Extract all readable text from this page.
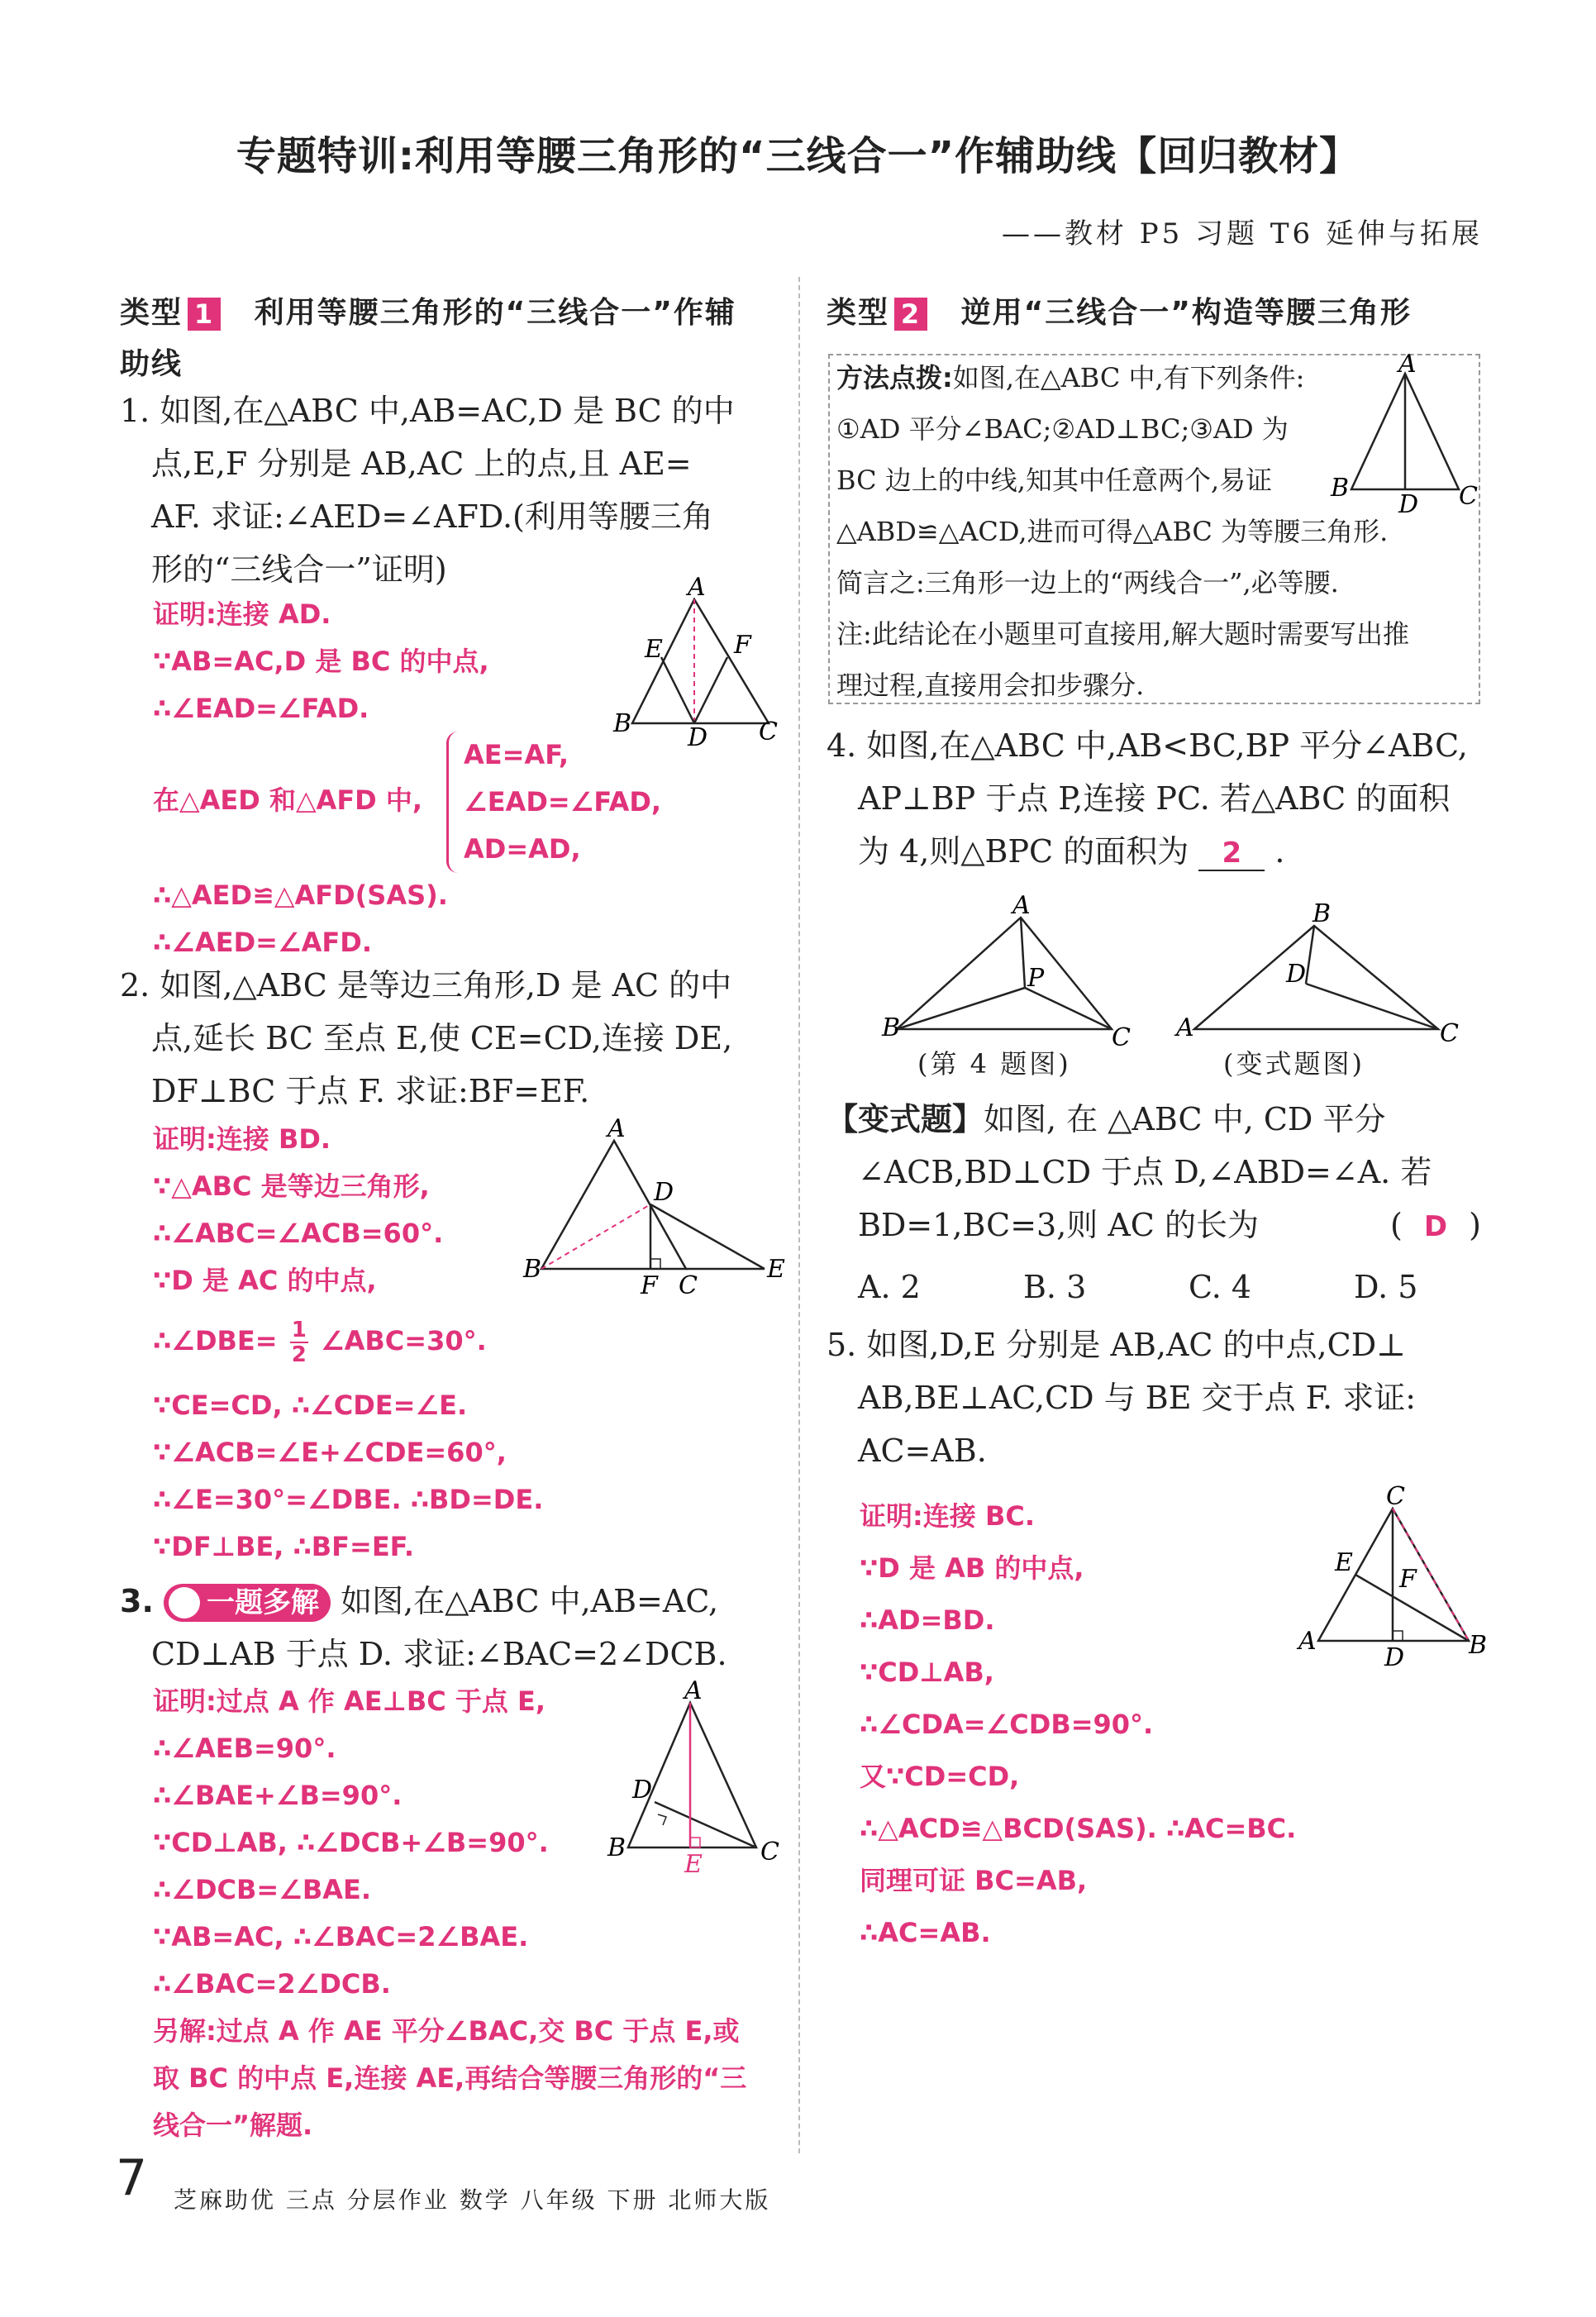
专题特训:利用等腰三角形的“三线合一”作辅助线【回归教材】
——教材 P5 习题 T6 延伸与拓展
类型 1 利用等腰三角形的“三线合一”作辅
助线
1. 如图,在△ABC 中,AB=AC,D 是 BC 的中
点,E,F 分别是 AB,AC 上的点,且 AE=
AF. 求证:∠AED=∠AFD.(利用等腰三角
形的“三线合一”证明)
证明:连接 AD.
∵AB=AC,D 是 BC 的中点,
∴∠EAD=∠FAD.
在△AED 和△AFD 中,
AE=AF,
∠EAD=∠FAD,
AD=AD,
∴△AED≌△AFD(SAS).
∴∠AED=∠AFD.
A
B	C
D
E	F
2. 如图,△ABC 是等边三角形,D 是 AC 的中
点,延长 BC 至点 E,使 CE=CD,连接 DE,
DF⊥BC 于点 F. 求证:BF=EF.
证明:连接 BD.
∵△ABC 是等边三角形,
∴∠ABC=∠ACB=60°.
∵D 是 AC 的中点,
∴∠DBE= $\frac{1}{2}$ ∠ABC=30°.
∵CE=CD, ∴∠CDE=∠E.
∵∠ACB=∠E+∠CDE=60°,
∴∠E=30°=∠DBE. ∴BD=DE.
∵DF⊥BE, ∴BF=EF.
A
B
C
D
E
F
3. 一题多解 如图,在△ABC 中,AB=AC,
CD⊥AB 于点 D. 求证:∠BAC=2∠DCB.
证明:过点 A 作 AE⊥BC 于点 E,
∴∠AEB=90°.
∴∠BAE+∠B=90°.
∵CD⊥AB, ∴∠DCB+∠B=90°.
∴∠DCB=∠BAE.
∵AB=AC, ∴∠BAC=2∠BAE.
∴∠BAC=2∠DCB.
另解:过点 A 作 AE 平分∠BAC,交 BC 于点 E,或
取 BC 的中点 E,连接 AE,再结合等腰三角形的“三
线合一”解题.
A
B	C
D
E
类型 2 逆用“三线合一”构造等腰三角形
方法点拨:如图,在△ABC 中,有下列条件:
①AD 平分∠BAC;②AD⊥BC;③AD 为
BC 边上的中线,知其中任意两个,易证
△ABD≌△ACD,进而可得△ABC 为等腰三角形.
简言之:三角形一边上的“两线合一”,必等腰.
注:此结论在小题里可直接用,解大题时需要写出推
理过程,直接用会扣步骤分.
A
B	C
D
4. 如图,在△ABC 中,AB<BC,BP 平分∠ABC,
AP⊥BP 于点 P,连接 PC. 若△ABC 的面积
为 4,则△BPC 的面积为 2 .
A
B	C
P
B
A	C
D
(第 4 题图)	(变式题图)
【变式题】如图, 在 △ABC 中, CD 平分
∠ACB,BD⊥CD 于点 D,∠ABD=∠A. 若
BD=1,BC=3,则 AC 的长为	( D )
A. 2	B. 3	C. 4	D. 5
5. 如图,D,E 分别是 AB,AC 的中点,CD⊥
AB,BE⊥AC,CD 与 BE 交于点 F. 求证:
AC=AB.
证明:连接 BC.
∵D 是 AB 的中点,
∴AD=BD.
∵CD⊥AB,
∴∠CDA=∠CDB=90°.
又∵CD=CD,
∴△ACD≌△BCD(SAS). ∴AC=BC.
同理可证 BC=AB,
∴AC=AB.
C
A	B
D
E
F
7 芝麻助优 三点 分层作业 数学 八年级 下册 北师大版
